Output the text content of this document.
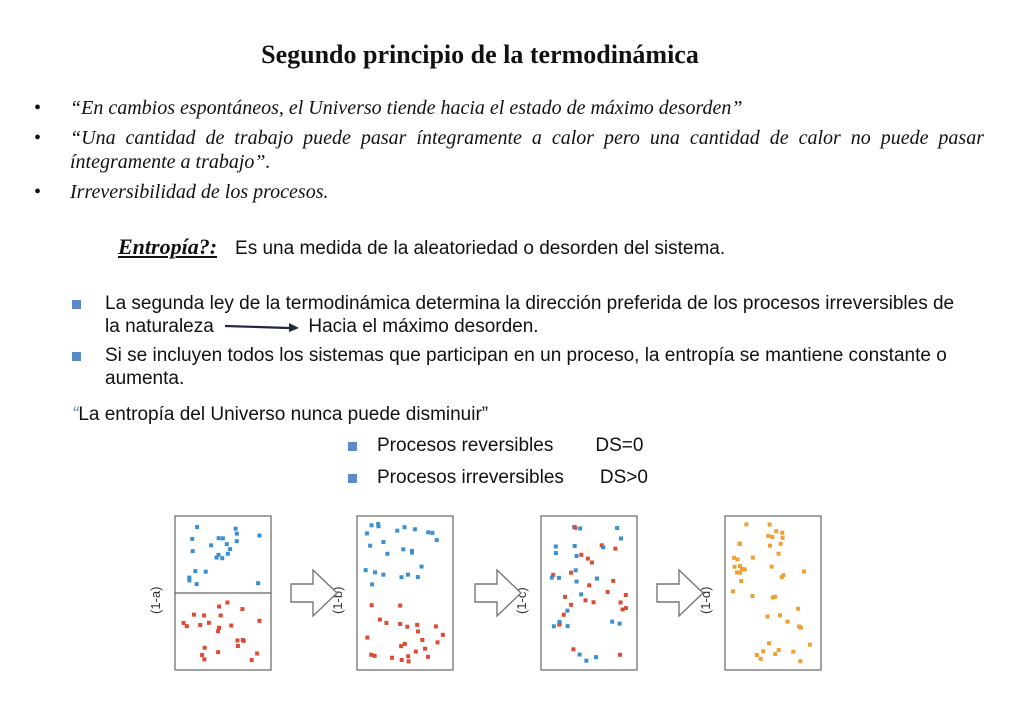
Segundo principio de la termodinámica
•	“En cambios espontáneos, el Universo tiende hacia el estado de máximo desorden”
•	“Una cantidad de trabajo puede pasar íntegramente a calor pero una cantidad de calor no puede pasar íntegramente a trabajo”.
•	Irreversibilidad de los procesos.
Entropía?: Es una medida de la aleatoriedad o desorden del sistema.
La segunda ley de la termodinámica determina la dirección preferida de los procesos irreversibles de la naturaleza	Hacia el máximo desorden.
Si se incluyen todos los sistemas que participan en un proceso, la entropía se mantiene constante o aumenta.
“La entropía del Universo nunca puede disminuir”
Procesos reversibles DS=0
Procesos irreversibles DS>0
(1-a)	(1-b)	(1-c)	(1-d)
